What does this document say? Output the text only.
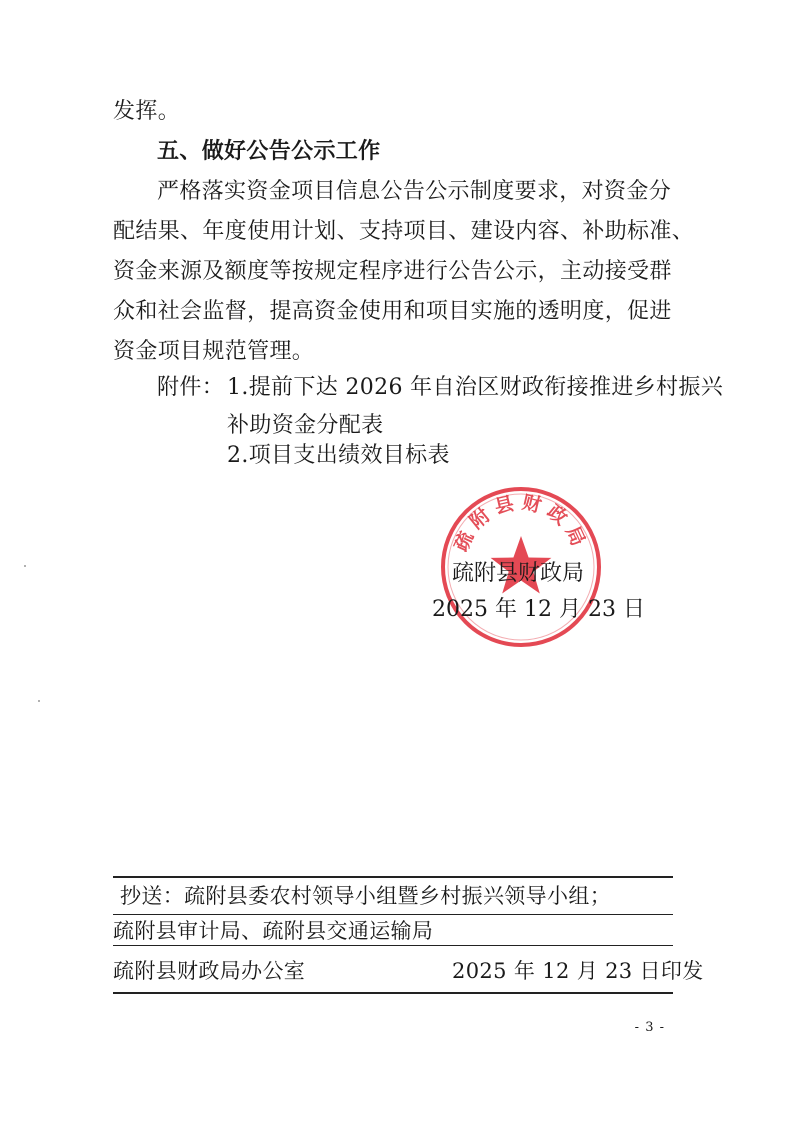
发挥。
五、做好公告公示工作
严格落实资金项目信息公告公示制度要求，对资金分
配结果、年度使用计划、支持项目、建设内容、补助标准、
资金来源及额度等按规定程序进行公告公示，主动接受群
众和社会监督，提高资金使用和项目实施的透明度，促进
资金项目规范管理。
附件： 1.提前下达 2026 年自治区财政衔接推进乡村振兴
补助资金分配表
2.项目支出绩效目标表
疏附县财政局
疏附县财政局
2025 年 12 月 23 日
抄送：疏附县委农村领导小组暨乡村振兴领导小组；
疏附县审计局、疏附县交通运输局
疏附县财政局办公室	2025 年 12 月 23 日印发
- 3 -
